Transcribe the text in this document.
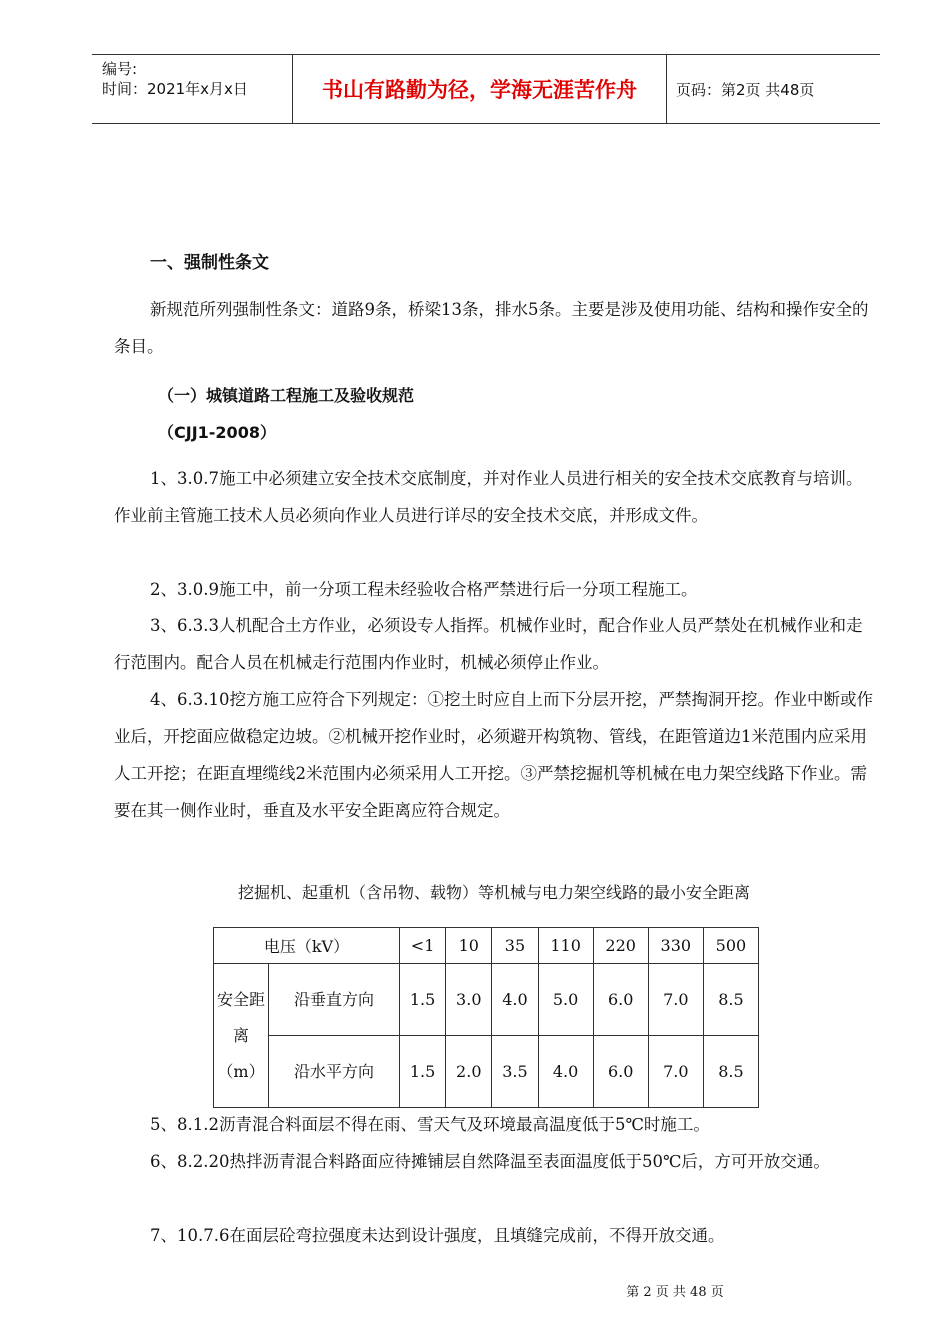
编号:
时间：2021年x月x日	书山有路勤为径，学海无涯苦作舟	页码：第2页 共48页
一、强制性条文

新规范所列强制性条文：道路9条，桥梁13条，排水5条。主要是涉及使用功能、结构和操作安全的条目。

（一）城镇道路工程施工及验收规范
（CJJ1-2008）

1、3.0.7施工中必须建立安全技术交底制度，并对作业人员进行相关的安全技术交底教育与培训。作业前主管施工技术人员必须向作业人员进行详尽的安全技术交底，并形成文件。

2、3.0.9施工中，前一分项工程未经验收合格严禁进行后一分项工程施工。

3、6.3.3人机配合土方作业，必须设专人指挥。机械作业时，配合作业人员严禁处在机械作业和走行范围内。配合人员在机械走行范围内作业时，机械必须停止作业。

4、6.3.10挖方施工应符合下列规定：①挖土时应自上而下分层开挖，严禁掏洞开挖。作业中断或作业后，开挖面应做稳定边坡。②机械开挖作业时，必须避开构筑物、管线，在距管道边1米范围内应采用人工开挖；在距直埋缆线2米范围内必须采用人工开挖。③严禁挖掘机等机械在电力架空线路下作业。需要在其一侧作业时，垂直及水平安全距离应符合规定。

挖掘机、起重机（含吊物、载物）等机械与电力架空线路的最小安全距离
电压（kV）		<1	10	35	110	220	330	500
安全距离（m）	沿垂直方向	1.5	3.0	4.0	5.0	6.0	7.0	8.5
	沿水平方向	1.5	2.0	3.5	4.0	6.0	7.0	8.5

5、8.1.2沥青混合料面层不得在雨、雪天气及环境最高温度低于5℃时施工。

6、8.2.20热拌沥青混合料路面应待摊铺层自然降温至表面温度低于50℃后，方可开放交通。

7、10.7.6在面层砼弯拉强度未达到设计强度，且填缝完成前，不得开放交通。

第 2 页 共 48 页
